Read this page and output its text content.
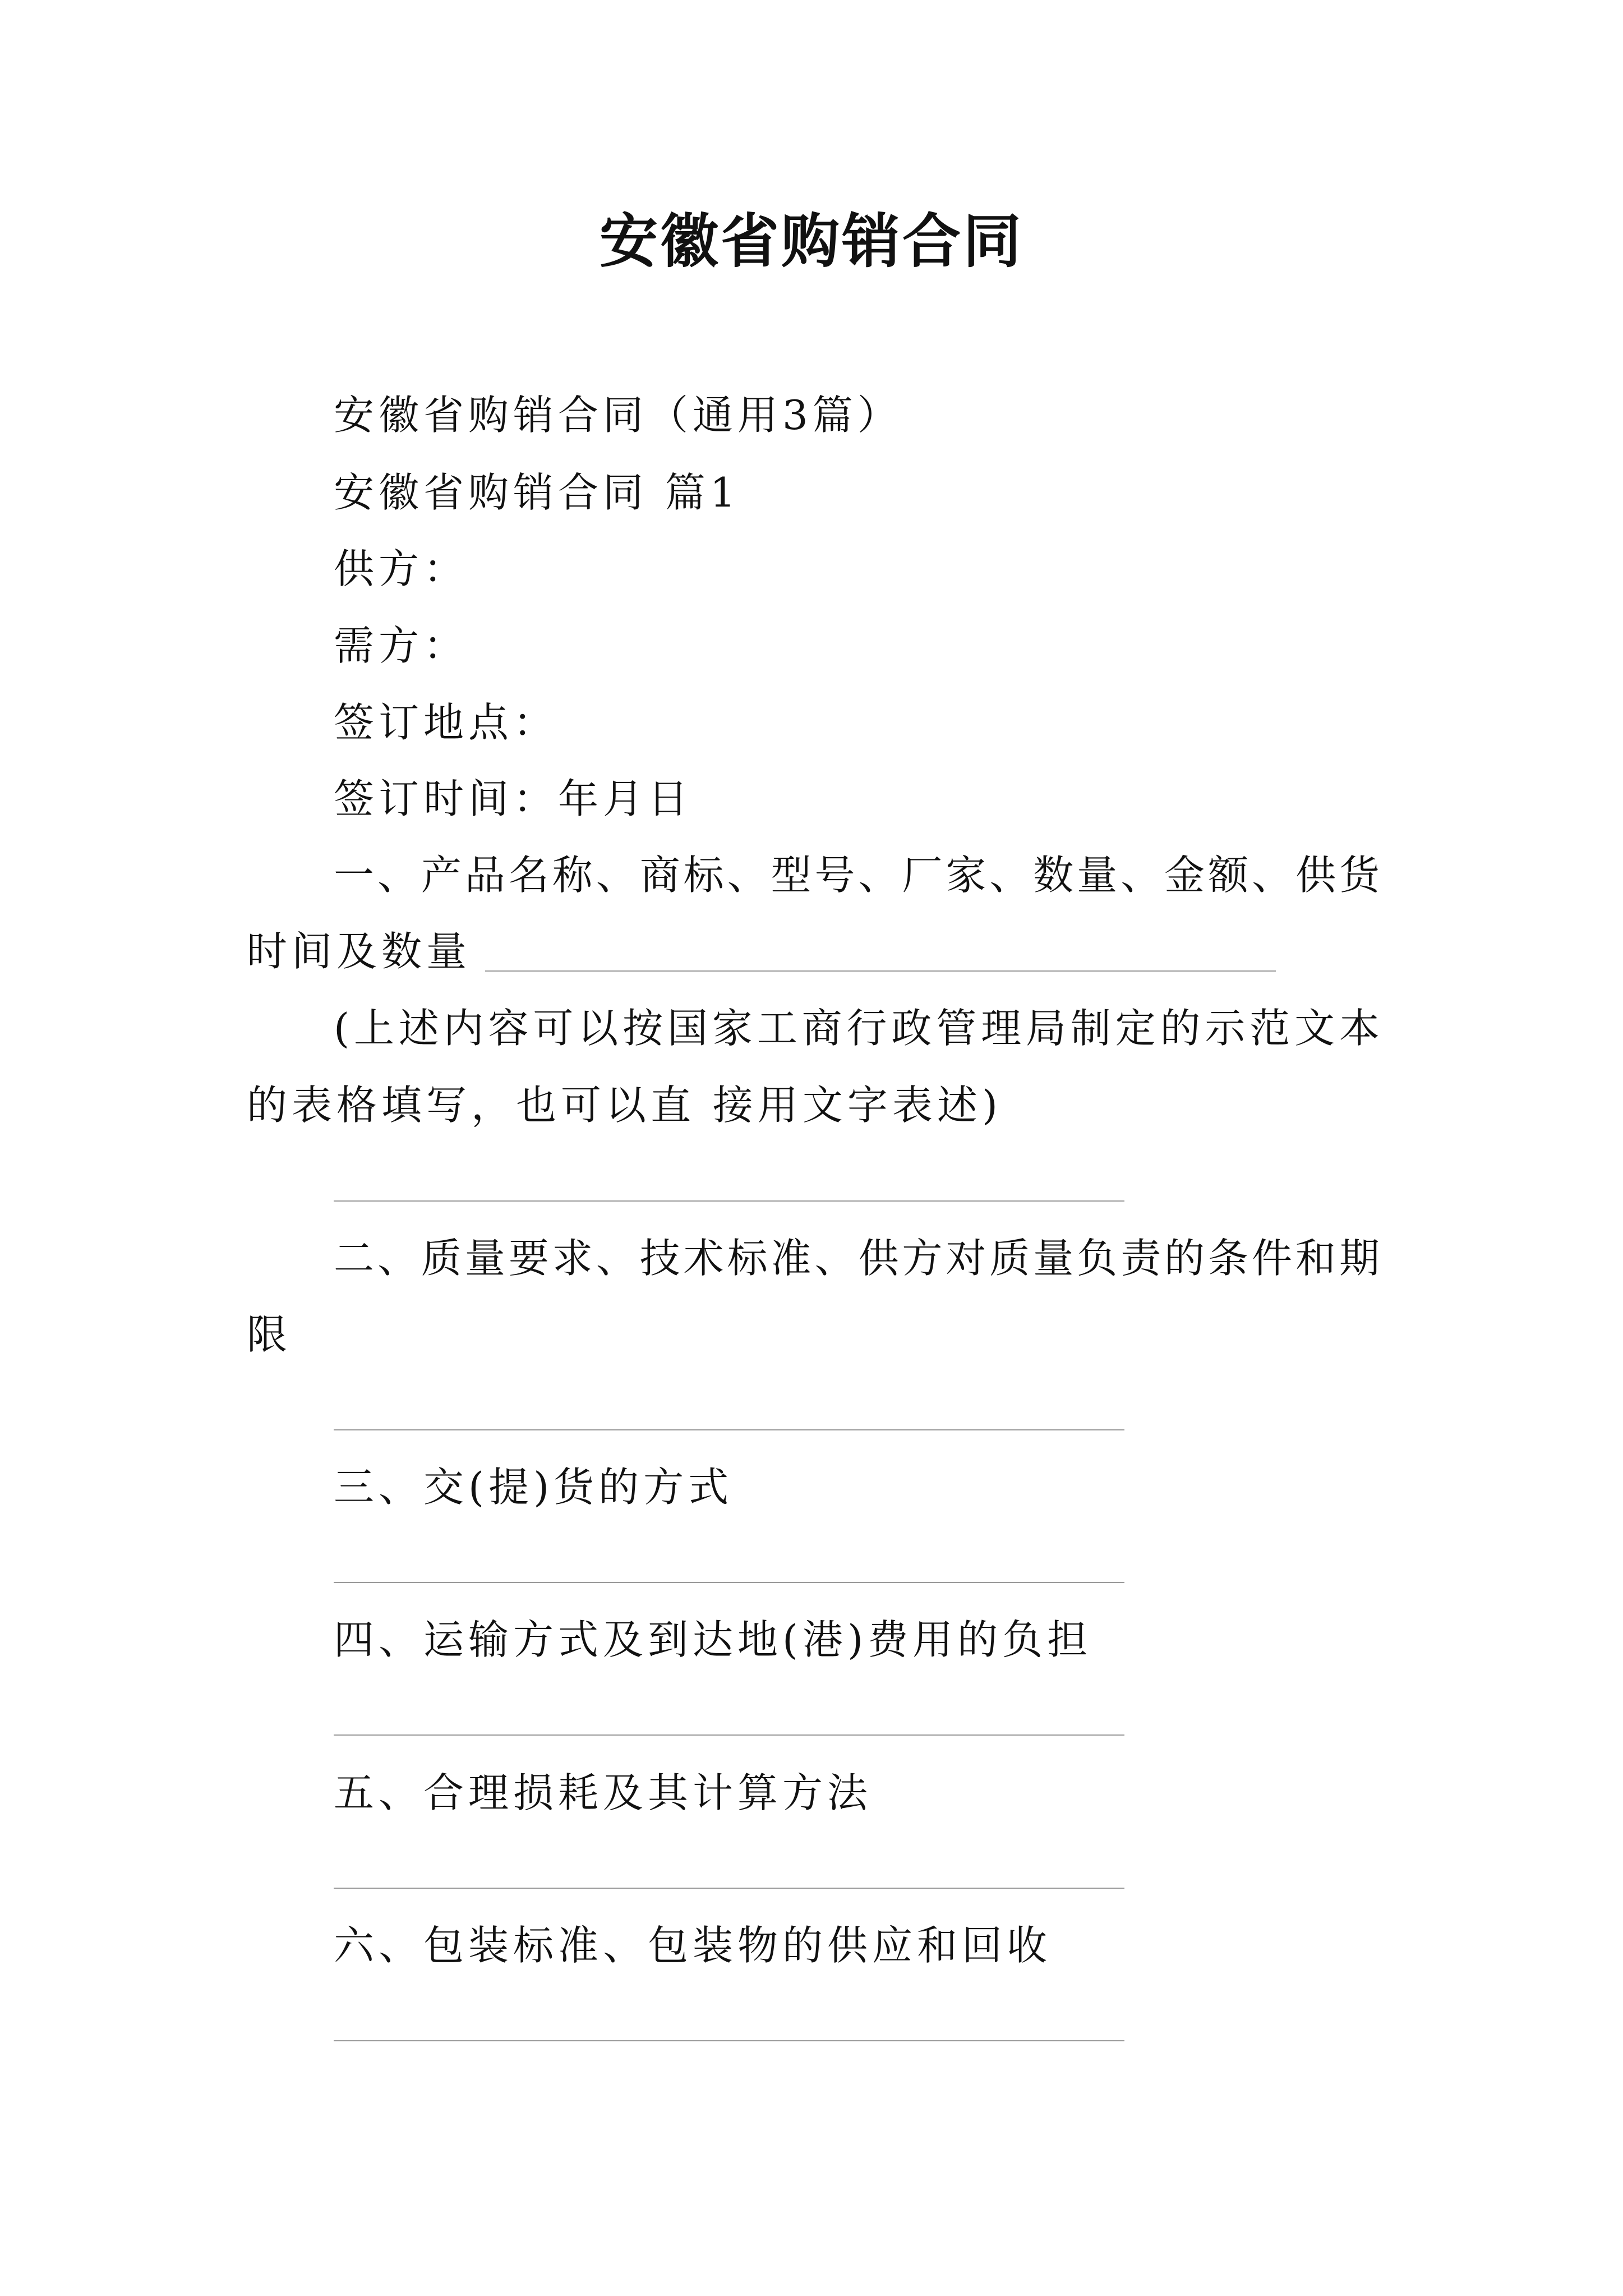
安徽省购销合同
安徽省购销合同（通用3篇）
安徽省购销合同 篇1
供方：
需方：
签订地点：
签订时间：年月日
一、产品名称、商标、型号、厂家、数量、金额、供货
时间及数量
(上述内容可以按国家工商行政管理局制定的示范文本
的表格填写，也可以直 接用文字表述)
二、质量要求、技术标准、供方对质量负责的条件和期
限
三、交(提)货的方式
四、运输方式及到达地(港)费用的负担
五、合理损耗及其计算方法
六、包装标准、包装物的供应和回收
